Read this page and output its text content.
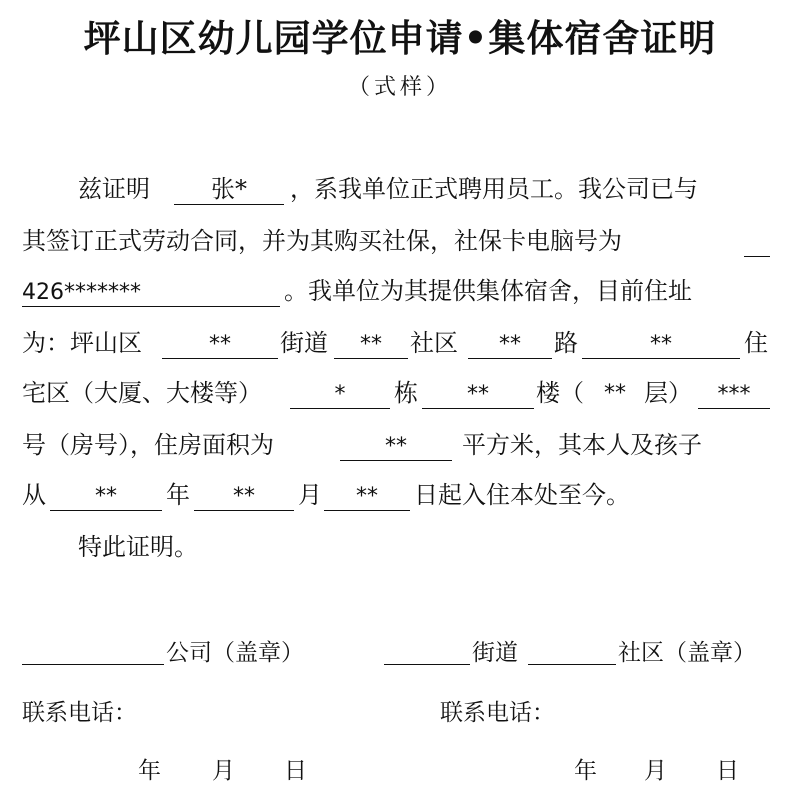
坪山区幼儿园学位申请•集体宿舍证明
（式样）
兹证明	张*	，系我单位正式聘用员工。我公司已与
其签订正式劳动合同，并为其购买社保，社保卡电脑号为
426*******	。我单位为其提供集体宿舍，目前住址
为：坪山区	**	街道	**	社区	**	路	**	住
宅区（大厦、大楼等）	*	栋	**	楼（ ** 层）	***
号（房号），住房面积为	**	平方米，其本人及孩子
从	**	年	**	月	**	日起入住本处至今。
特此证明。
公司（盖章）	街道	社区（盖章）
联系电话：	联系电话：
年 月 日	年 月 日
